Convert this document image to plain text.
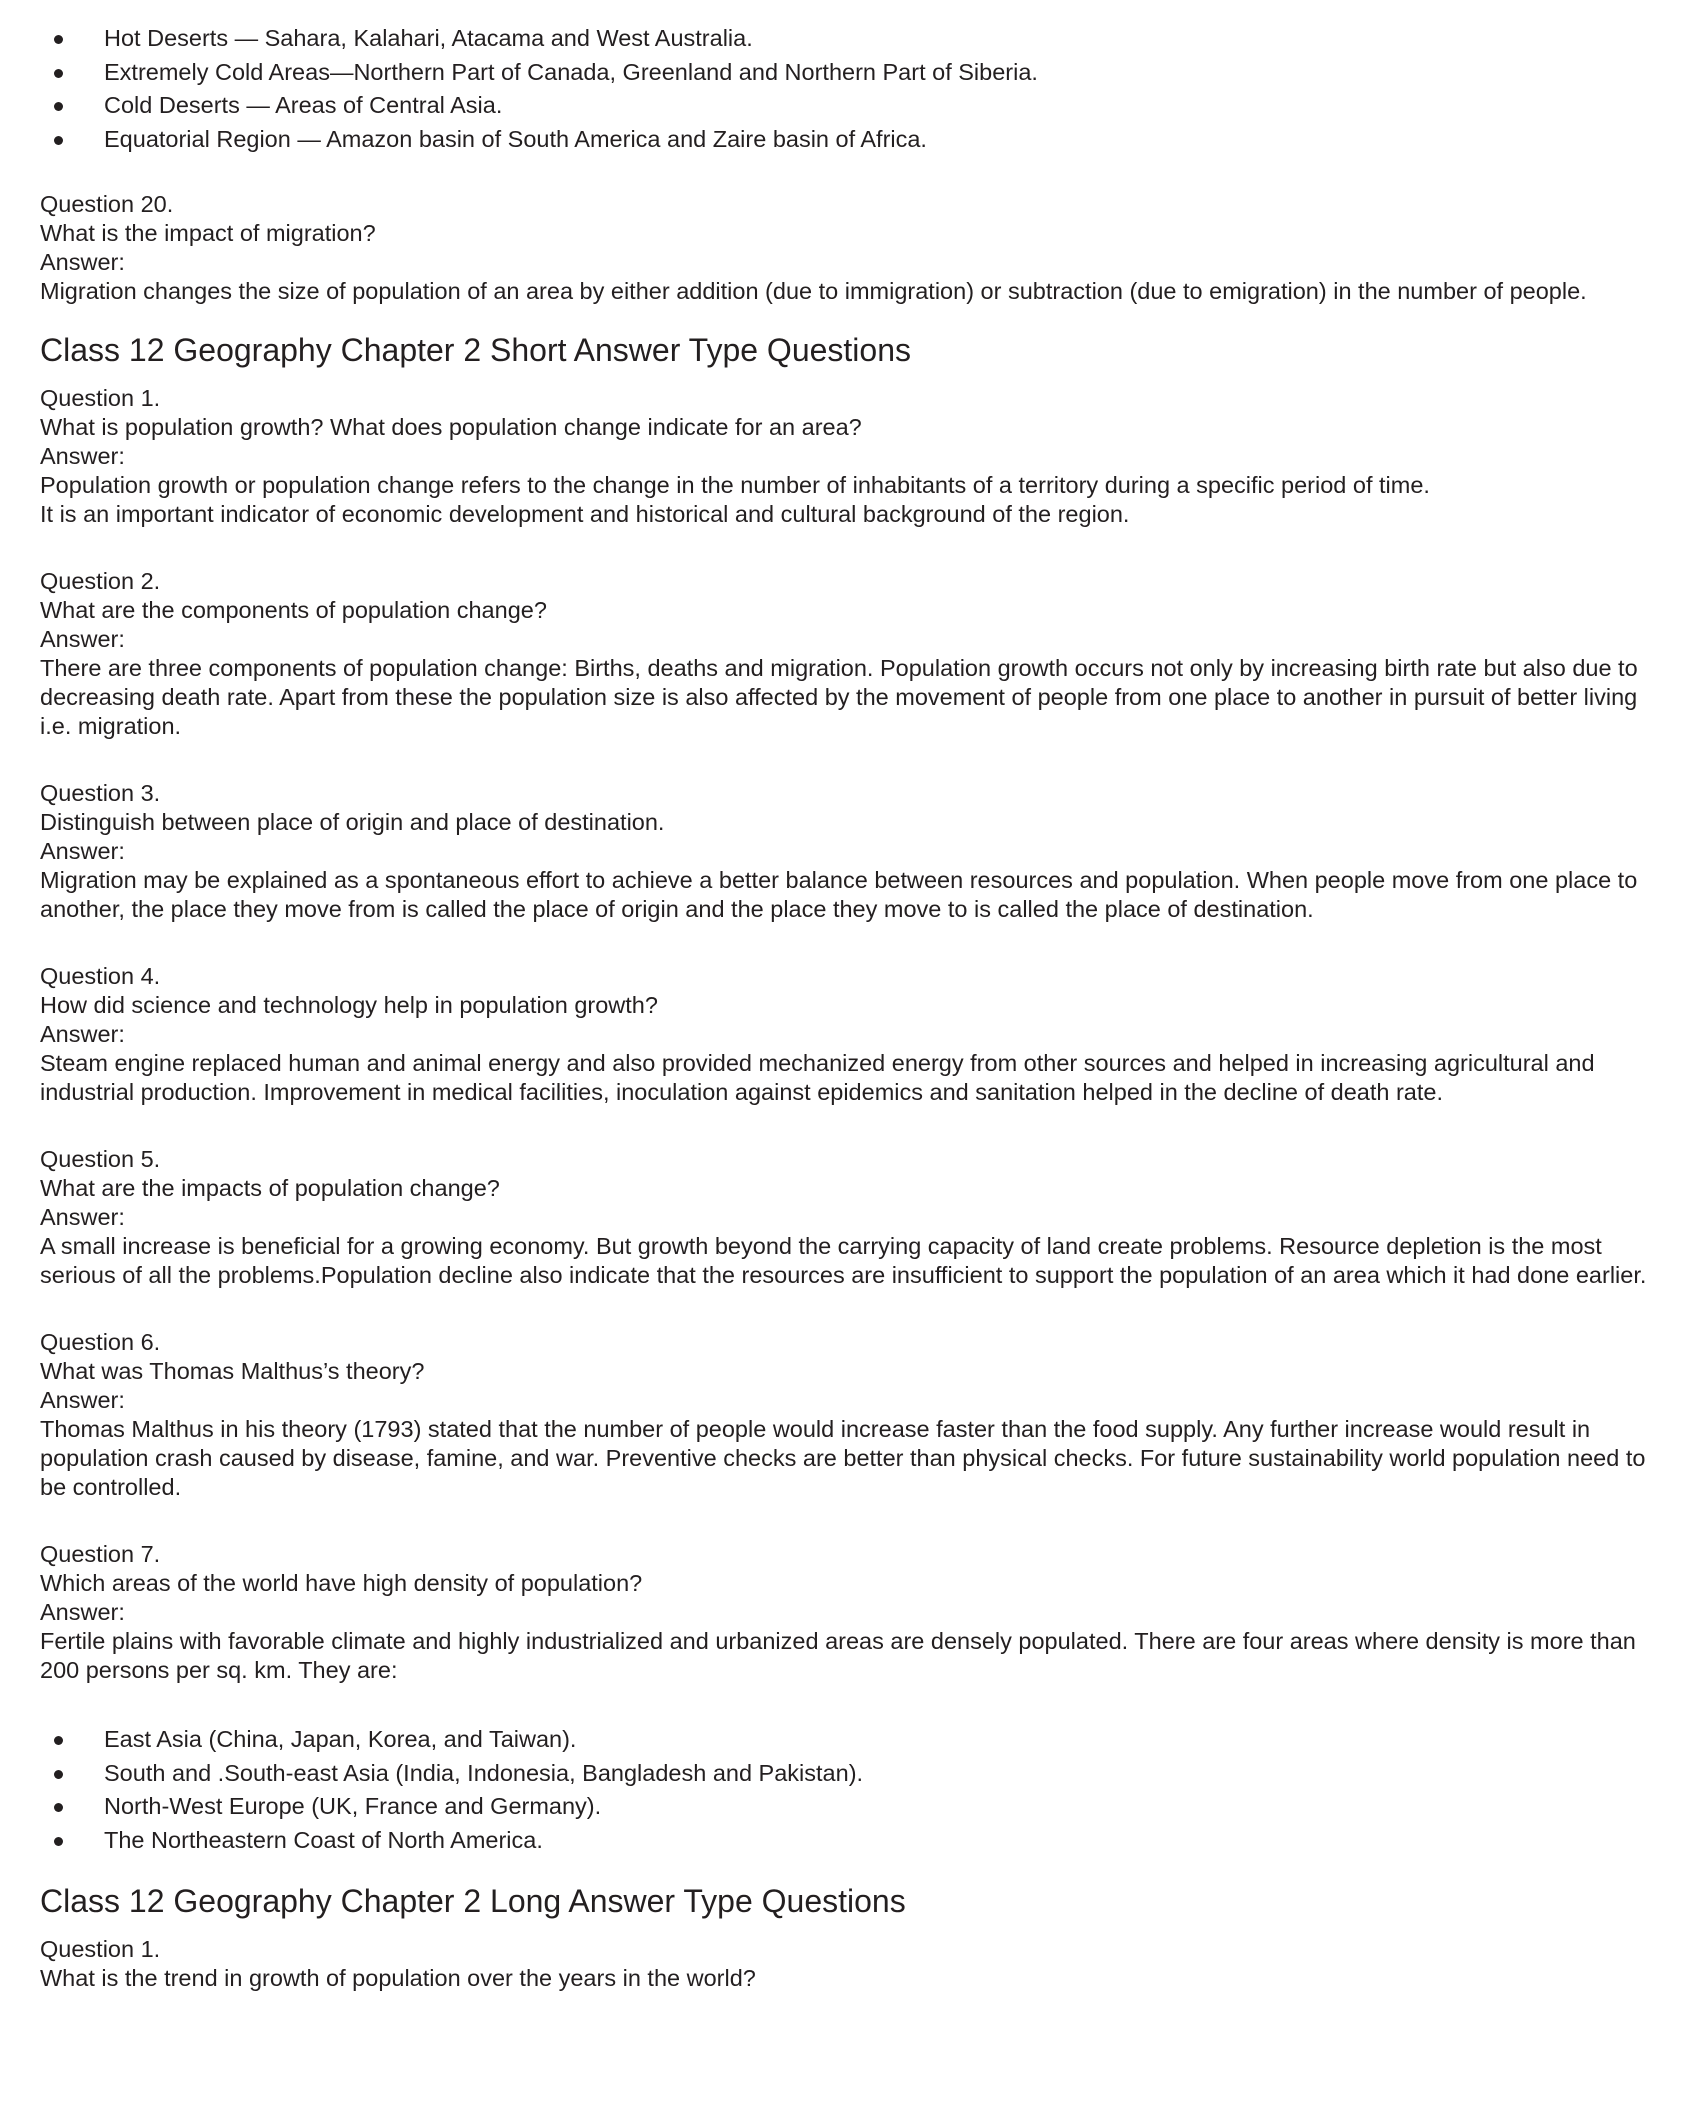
Hot Deserts — Sahara, Kalahari, Atacama and West Australia.
Extremely Cold Areas—Northern Part of Canada, Greenland and Northern Part of Siberia.
Cold Deserts — Areas of Central Asia.
Equatorial Region — Amazon basin of South America and Zaire basin of Africa.

Question 20.

What is the impact of migration?

Answer:

Migration changes the size of population of an area by either addition (due to immigration) or subtraction (due to emigration) in the number of people.

Class 12 Geography Chapter 2 Short Answer Type Questions

Question 1.

What is population growth? What does population change indicate for an area?

Answer:

Population growth or population change refers to the change in the number of inhabitants of a territory during a specific period of time.
It is an important indicator of economic development and historical and cultural background of the region.

Question 2.

What are the components of population change?

Answer:

There are three components of population change: Births, deaths and migration. Population growth occurs not only by increasing birth rate but also due to decreasing death rate. Apart from these the population size is also affected by the movement of people from one place to another in pursuit of better living i.e. migration.

Question 3.

Distinguish between place of origin and place of destination.

Answer:

Migration may be explained as a spontaneous effort to achieve a better balance between resources and population. When people move from one place to another, the place they move from is called the place of origin and the place they move to is called the place of destination.

Question 4.

How did science and technology help in population growth?

Answer:

Steam engine replaced human and animal energy and also provided mechanized energy from other sources and helped in increasing agricultural and industrial production. Improvement in medical facilities, inoculation against epidemics and sanitation helped in the decline of death rate.

Question 5.

What are the impacts of population change?

Answer:

A small increase is beneficial for a growing economy. But growth beyond the carrying capacity of land create problems. Resource depletion is the most serious of all the problems.Population decline also indicate that the resources are insufficient to support the population of an area which it had done earlier.

Question 6.

What was Thomas Malthus’s theory?

Answer:

Thomas Malthus in his theory (1793) stated that the number of people would increase faster than the food supply. Any further increase would result in population crash caused by disease, famine, and war. Preventive checks are better than physical checks. For future sustainability world population need to be controlled.

Question 7.

Which areas of the world have high density of population?

Answer:

Fertile plains with favorable climate and highly industrialized and urbanized areas are densely populated. There are four areas where density is more than 200 persons per sq. km. They are:

East Asia (China, Japan, Korea, and Taiwan).
South and .South-east Asia (India, Indonesia, Bangladesh and Pakistan).
North-West Europe (UK, France and Germany).
The Northeastern Coast of North America.
Class 12 Geography Chapter 2 Long Answer Type Questions

Question 1.

What is the trend in growth of population over the years in the world?
